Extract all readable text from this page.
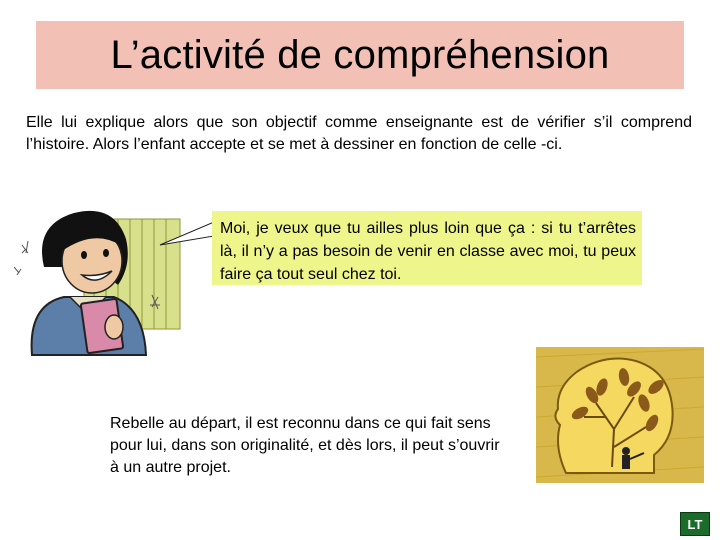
L’activité de compréhension
Elle lui explique alors que son objectif comme enseignante est de vérifier s’il comprend l’histoire. Alors l’enfant accepte et se met à dessiner en fonction de celle -ci.
Moi, je veux que tu ailles plus loin que ça : si tu t’arrêtes là, il n’y a pas besoin de venir en classe avec moi, tu peux faire ça tout seul chez toi.
Rebelle au départ, il est reconnu dans ce qui fait sens pour lui, dans son originalité, et dès lors, il peut s’ouvrir à un autre projet.
LT
